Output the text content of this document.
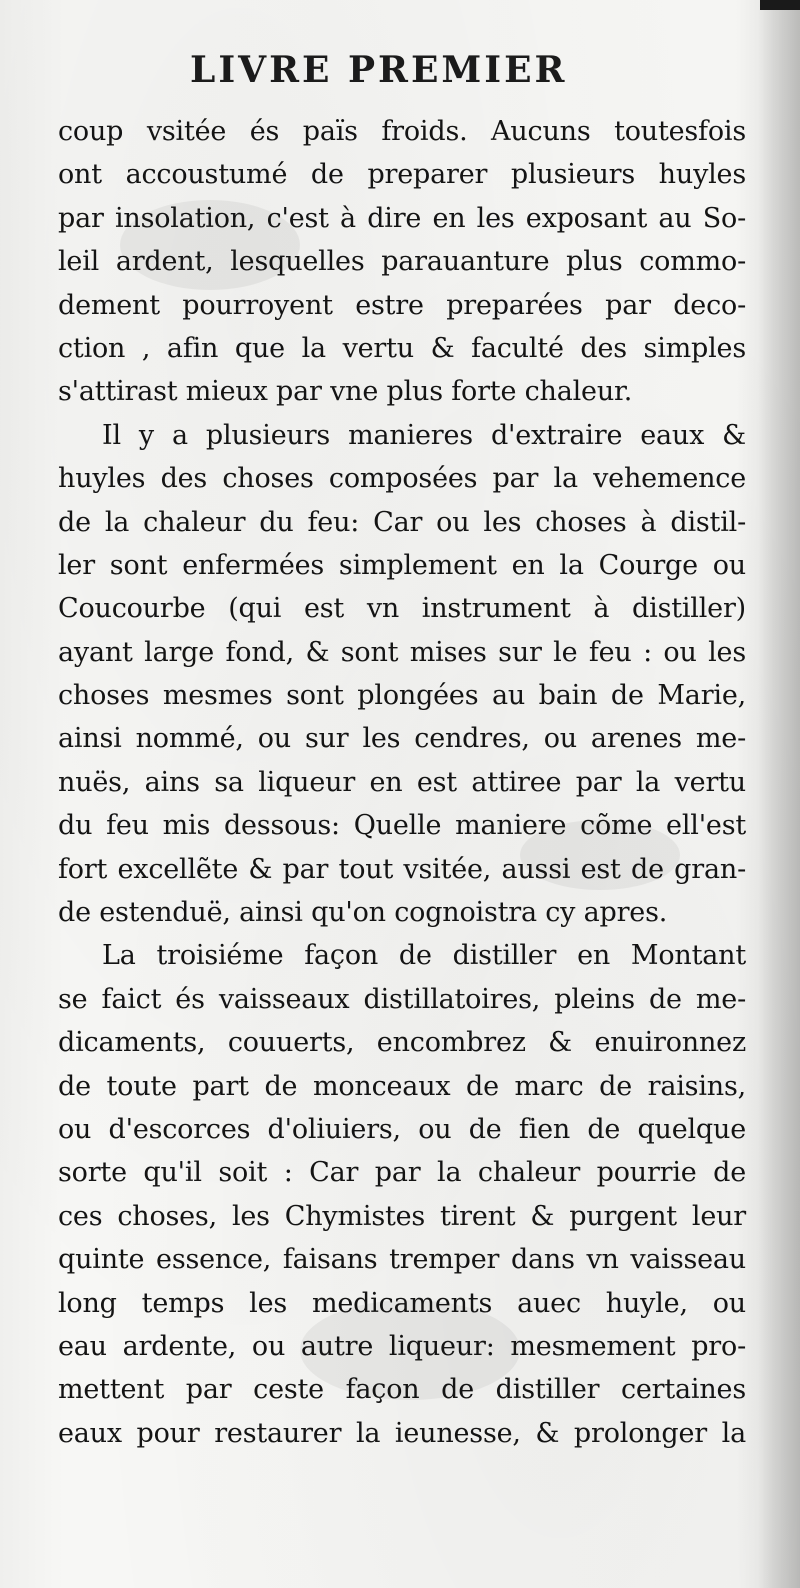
LIVRE PREMIER
coup vsitée és païs froids. Aucuns toutesfois
ont accoustumé de preparer plusieurs huyles
par insolation, c'est à dire en les exposant au So-
leil ardent, lesquelles parauanture plus commo-
dement pourroyent estre preparées par deco-
ction , afin que la vertu & faculté des simples
s'attirast mieux par vne plus forte chaleur.
Il y a plusieurs manieres d'extraire eaux &
huyles des choses composées par la vehemence
de la chaleur du feu: Car ou les choses à distil-
ler sont enfermées simplement en la Courge ou
Coucourbe (qui est vn instrument à distiller)
ayant large fond, & sont mises sur le feu : ou les
choses mesmes sont plongées au bain de Marie,
ainsi nommé, ou sur les cendres, ou arenes me-
nuës, ains sa liqueur en est attiree par la vertu
du feu mis dessous: Quelle maniere cõme ell'est
fort excellẽte & par tout vsitée, aussi est de gran-
de estenduë, ainsi qu'on cognoistra cy apres.
La troisiéme façon de distiller en Montant
se faict és vaisseaux distillatoires, pleins de me-
dicaments, couuerts, encombrez & enuironnez
de toute part de monceaux de marc de raisins,
ou d'escorces d'oliuiers, ou de fien de quelque
sorte qu'il soit : Car par la chaleur pourrie de
ces choses, les Chymistes tirent & purgent leur
quinte essence, faisans tremper dans vn vaisseau
long temps les medicaments auec huyle, ou
eau ardente, ou autre liqueur: mesmement pro-
mettent par ceste façon de distiller certaines
eaux pour restaurer la ieunesse, & prolonger la
